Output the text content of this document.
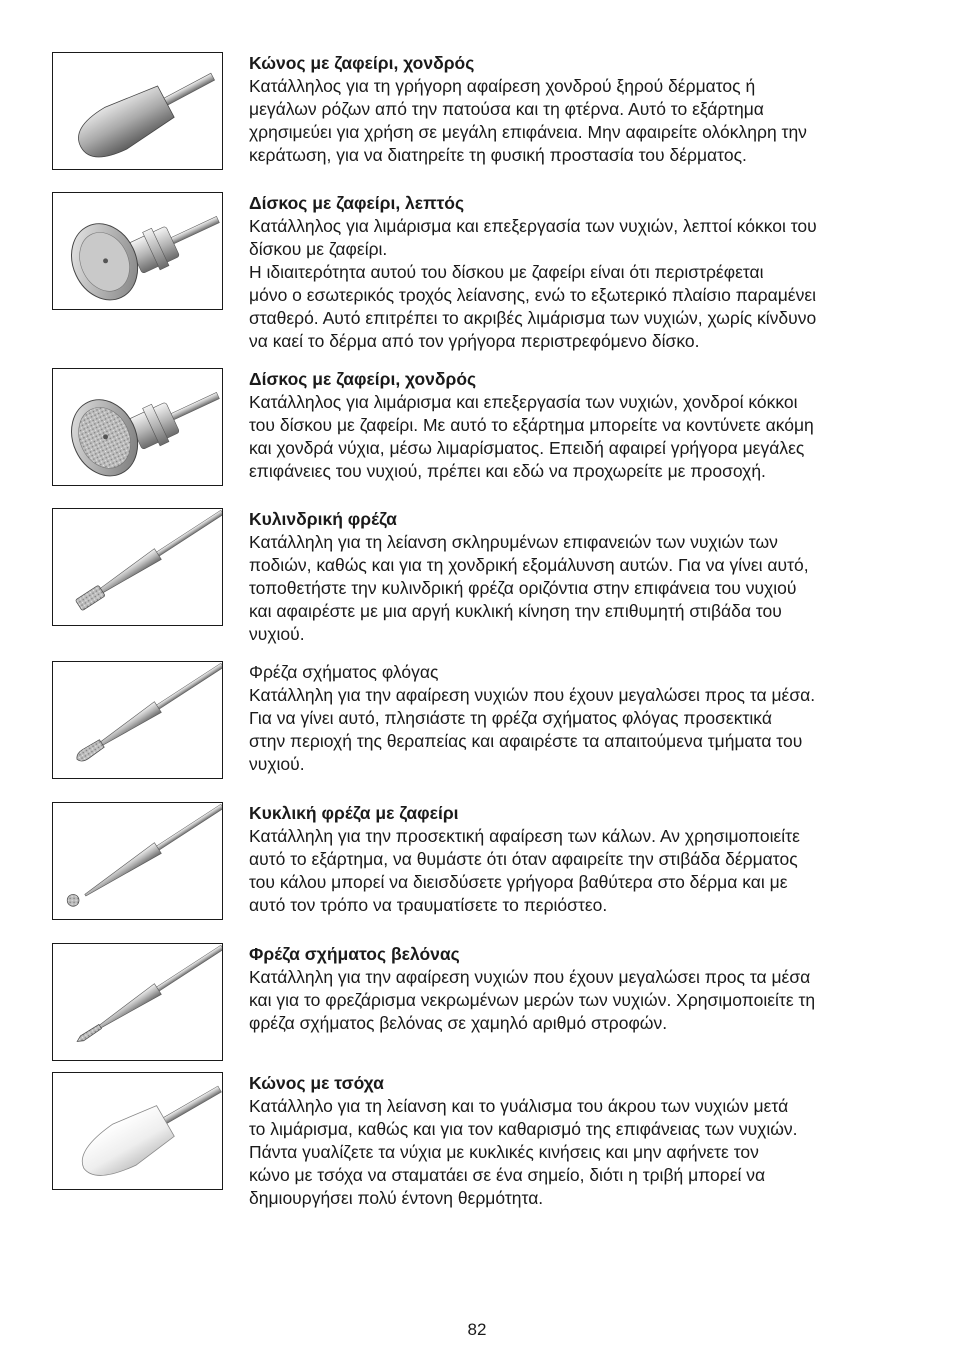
Κώνος με ζαφείρι, χονδρός

Κατάλληλος για τη γρήγορη αφαίρεση χονδρού ξηρού δέρματος ή
μεγάλων ρόζων από την πατούσα και τη φτέρνα. Αυτό το εξάρτημα
χρησιμεύει για χρήση σε μεγάλη επιφάνεια. Μην αφαιρείτε ολόκληρη την
κεράτωση, για να διατηρείτε τη φυσική προστασία του δέρματος.

Δίσκος με ζαφείρι, λεπτός

Κατάλληλος για λιμάρισμα και επεξεργασία των νυχιών, λεπτοί κόκκοι του
δίσκου με ζαφείρι.
Η ιδιαιτερότητα αυτού του δίσκου με ζαφείρι είναι ότι περιστρέφεται
μόνο ο εσωτερικός τροχός λείανσης, ενώ το εξωτερικό πλαίσιο παραμένει
σταθερό. Αυτό επιτρέπει το ακριβές λιμάρισμα των νυχιών, χωρίς κίνδυνο
να καεί το δέρμα από τον γρήγορα περιστρεφόμενο δίσκο.

Δίσκος με ζαφείρι, χονδρός

Κατάλληλος για λιμάρισμα και επεξεργασία των νυχιών, χονδροί κόκκοι
του δίσκου με ζαφείρι. Με αυτό το εξάρτημα μπορείτε να κοντύνετε ακόμη
και χονδρά νύχια, μέσω λιμαρίσματος. Επειδή αφαιρεί γρήγορα μεγάλες
επιφάνειες του νυχιού, πρέπει και εδώ να προχωρείτε με προσοχή.

Κυλινδρική φρέζα

Κατάλληλη για τη λείανση σκληρυμένων επιφανειών των νυχιών των
ποδιών, καθώς και για τη χονδρική εξομάλυνση αυτών. Για να γίνει αυτό,
τοποθετήστε την κυλινδρική φρέζα οριζόντια στην επιφάνεια του νυχιού
και αφαιρέστε με μια αργή κυκλική κίνηση την επιθυμητή στιβάδα του
νυχιού.

Φρέζα σχήματος φλόγας

Κατάλληλη για την αφαίρεση νυχιών που έχουν μεγαλώσει προς τα μέσα.
Για να γίνει αυτό, πλησιάστε τη φρέζα σχήματος φλόγας προσεκτικά
στην περιοχή της θεραπείας και αφαιρέστε τα απαιτούμενα τμήματα του
νυχιού.

Κυκλική φρέζα με ζαφείρι

Κατάλληλη για την προσεκτική αφαίρεση των κάλων. Αν χρησιμοποιείτε
αυτό το εξάρτημα, να θυμάστε ότι όταν αφαιρείτε την στιβάδα δέρματος
του κάλου μπορεί να διεισδύσετε γρήγορα βαθύτερα στο δέρμα και με
αυτό τον τρόπο να τραυματίσετε το περιόστεο.

Φρέζα σχήματος βελόνας

Κατάλληλη για την αφαίρεση νυχιών που έχουν μεγαλώσει προς τα μέσα
και για το φρεζάρισμα νεκρωμένων μερών των νυχιών. Χρησιμοποιείτε τη
φρέζα σχήματος βελόνας σε χαμηλό αριθμό στροφών.

Κώνος με τσόχα

Κατάλληλο για τη λείανση και το γυάλισμα του άκρου των νυχιών μετά
το λιμάρισμα, καθώς και για τον καθαρισμό της επιφάνειας των νυχιών.
Πάντα γυαλίζετε τα νύχια με κυκλικές κινήσεις και μην αφήνετε τον
κώνο με τσόχα να σταματάει σε ένα σημείο, διότι η τριβή μπορεί να
δημιουργήσει πολύ έντονη θερμότητα.

82
